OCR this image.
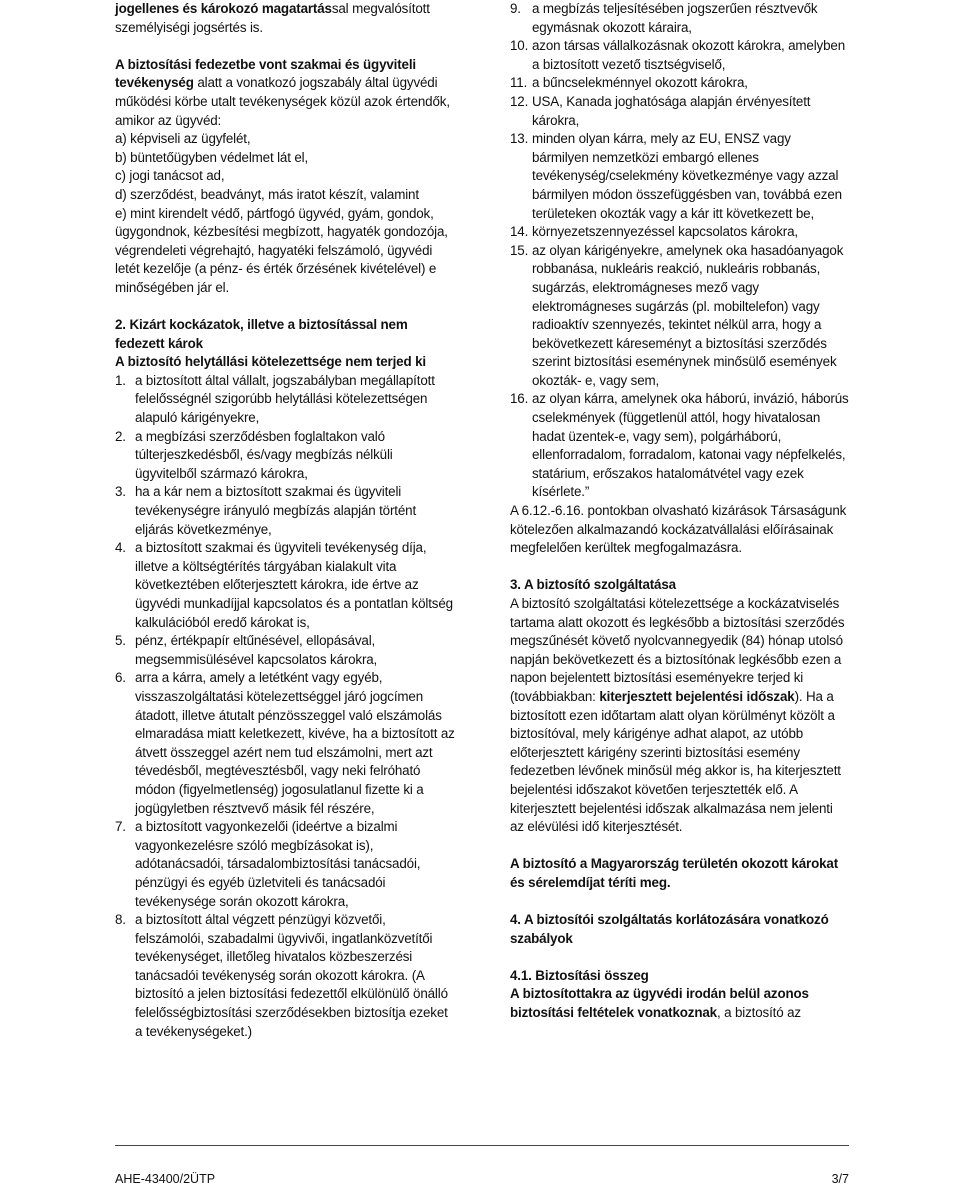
jogellenes és károkozó magatartással megvalósított személyiségi jogsértés is.

A biztosítási fedezetbe vont szakmai és ügyviteli tevékenység alatt a vonatkozó jogszabály által ügyvédi működési körbe utalt tevékenységek közül azok értendők, amikor az ügyvéd:

a) képviseli az ügyfelét,

b) büntetőügyben védelmet lát el,

c) jogi tanácsot ad,

d) szerződést, beadványt, más iratot készít, valamint

e) mint kirendelt védő, pártfogó ügyvéd, gyám, gondok, ügygondnok, kézbesítési megbízott, hagyaték gondozója, végrendeleti végrehajtó, hagyatéki felszámoló, ügyvédi letét kezelője (a pénz- és érték őrzésének kivételével) e minőségében jár el.

2. Kizárt kockázatok, illetve a biztosítással nem fedezett károk

A biztosító helytállási kötelezettsége nem terjed ki

1. a biztosított által vállalt, jogszabályban megállapított felelősségnél szigorúbb helytállási kötelezettségen alapuló kárigényekre,
2. a megbízási szerződésben foglaltakon való túlterjeszkedésből, és/vagy megbízás nélküli ügyvitelből származó károkra,
3. ha a kár nem a biztosított szakmai és ügyviteli tevékenységre irányuló megbízás alapján történt eljárás következménye,
4. a biztosított szakmai és ügyviteli tevékenység díja, illetve a költségtérítés tárgyában kialakult vita következtében előterjesztett károkra, ide értve az ügyvédi munkadíjjal kapcsolatos és a pontatlan költség kalkulációból eredő károkat is,
5. pénz, értékpapír eltűnésével, ellopásával, megsemmisülésével kapcsolatos károkra,
6. arra a kárra, amely a letétként vagy egyéb, visszaszolgáltatási kötelezettséggel járó jogcímen átadott, illetve átutalt pénzösszeggel való elszámolás elmaradása miatt keletkezett, kivéve, ha a biztosított az átvett összeggel azért nem tud elszámolni, mert azt tévedésből, megtévesztésből, vagy neki felróható módon (figyelmetlenség) jogosulatlanul fizette ki a jogügyletben résztvevő másik fél részére,
7. a biztosított vagyonkezelői (ideértve a bizalmi vagyonkezelésre szóló megbízásokat is), adótanácsadói, társadalombiztosítási tanácsadói, pénzügyi és egyéb üzletviteli és tanácsadói tevékenysége során okozott károkra,
8. a biztosított által végzett pénzügyi közvetői, felszámolói, szabadalmi ügyvivői, ingatlanközvetítői tevékenységet, illetőleg hivatalos közbeszerzési tanácsadói tevékenység során okozott károkra. (A biztosító a jelen biztosítási fedezettől elkülönülő önálló felelősségbiztosítási szerződésekben biztosítja ezeket a tevékenységeket.)
9. a megbízás teljesítésében jogszerűen résztvevők egymásnak okozott káraira,
10. azon társas vállalkozásnak okozott károkra, amelyben a biztosított vezető tisztségviselő,
11. a bűncselekménnyel okozott károkra,
12. USA, Kanada joghatósága alapján érvényesített károkra,
13. minden olyan kárra, mely az EU, ENSZ vagy bármilyen nemzetközi embargó ellenes tevékenység/cselekmény következménye vagy azzal bármilyen módon összefüggésben van, továbbá ezen területeken okozták vagy a kár itt következett be,
14. környezetszennyezéssel kapcsolatos károkra,
15. az olyan kárigényekre, amelynek oka hasadóanyagok robbanása, nukleáris reakció, nukleáris robbanás, sugárzás, elektromágneses mező vagy elektromágneses sugárzás (pl. mobiltelefon) vagy radioaktív szennyezés, tekintet nélkül arra, hogy a bekövetkezett káreseményt a biztosítási szerződés szerint biztosítási eseménynek minősülő események okozták- e, vagy sem,
16. az olyan kárra, amelynek oka háború, invázió, háborús cselekmények (függetlenül attól, hogy hivatalosan hadat üzentek-e, vagy sem), polgárháború, ellenforradalom, forradalom, katonai vagy népfelkelés, statárium, erőszakos hatalomátvétel vagy ezek kísérlete.”

A 6.12.-6.16. pontokban olvasható kizárások Társaságunk kötelezően alkalmazandó kockázatvállalási előírásainak megfelelően kerültek megfogalmazásra.

3. A biztosító szolgáltatása

A biztosító szolgáltatási kötelezettsége a kockázatviselés tartama alatt okozott és legkésőbb a biztosítási szerződés megszűnését követő nyolcvannegyedik (84) hónap utolsó napján bekövetkezett és a biztosítónak legkésőbb ezen a napon bejelentett biztosítási eseményekre terjed ki (továbbiakban: kiterjesztett bejelentési időszak). Ha a biztosított ezen időtartam alatt olyan körülményt közölt a biztosítóval, mely kárigénye adhat alapot, az utóbb előterjesztett kárigény szerinti biztosítási esemény fedezetben lévőnek minősül még akkor is, ha kiterjesztett bejelentési időszakot követően terjesztették elő. A kiterjesztett bejelentési időszak alkalmazása nem jelenti az elévülési idő kiterjesztését.

A biztosító a Magyarország területén okozott károkat és sérelemdíjat téríti meg.

4. A biztosítói szolgáltatás korlátozására vonatkozó szabályok

4.1. Biztosítási összeg

A biztosítottakra az ügyvédi irodán belül azonos biztosítási feltételek vonatkoznak, a biztosító az

AHE-43400/2ÜTP	3/7
